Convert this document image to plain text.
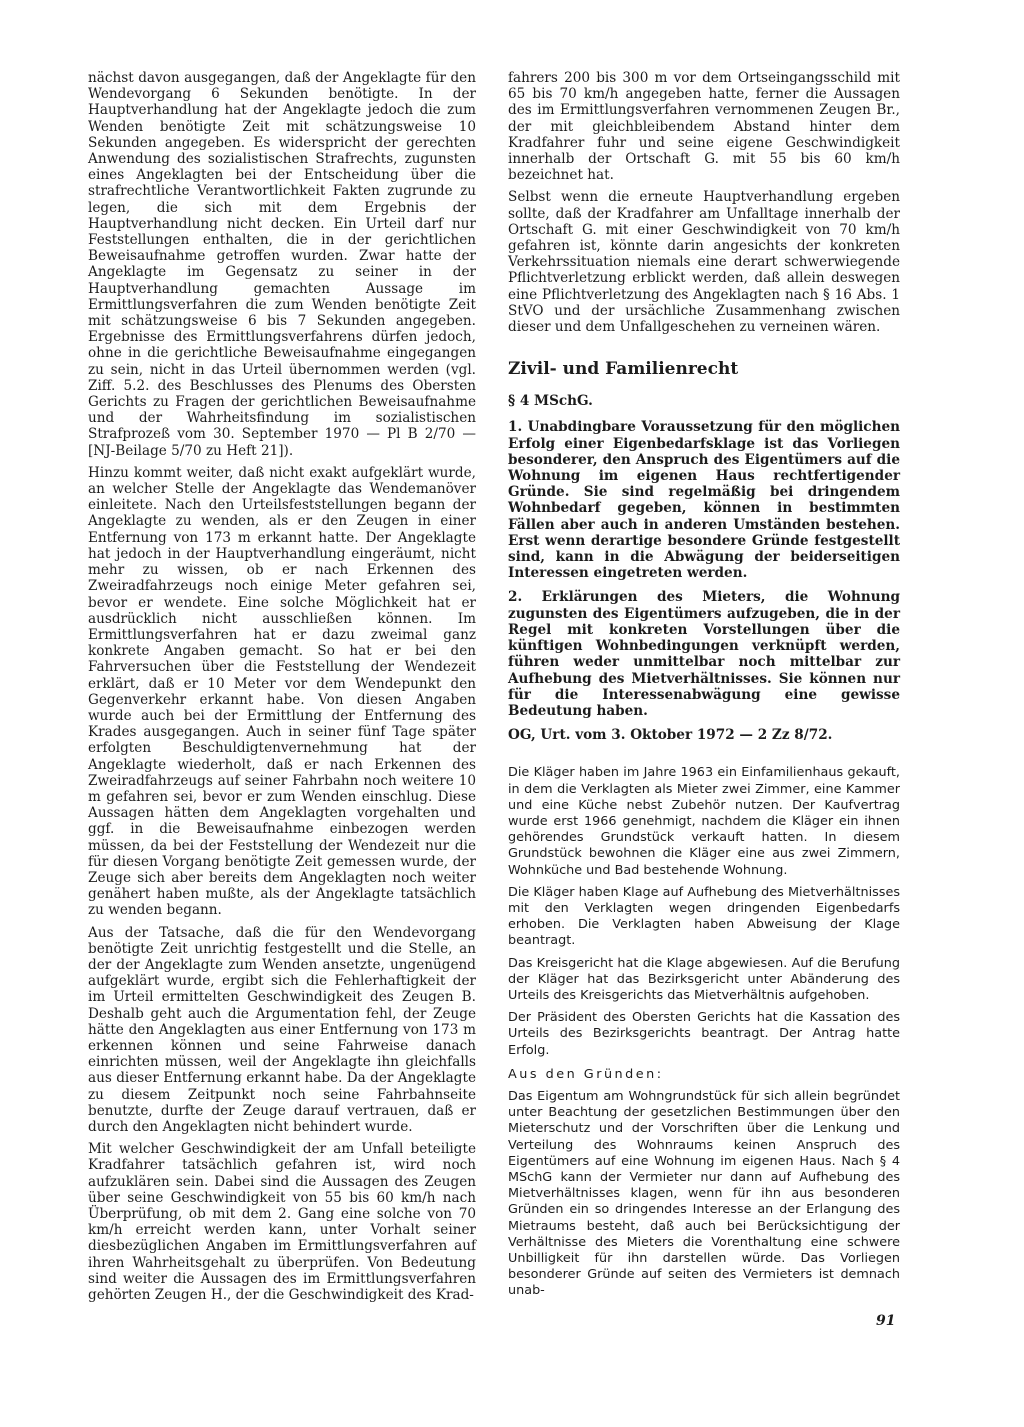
nächst davon ausgegangen, daß der Angeklagte für den Wendevorgang 6 Sekunden benötigte. In der Hauptverhandlung hat der Angeklagte jedoch die zum Wenden benötigte Zeit mit schätzungsweise 10 Sekunden angegeben. Es widerspricht der gerechten Anwendung des sozialistischen Strafrechts, zugunsten eines Angeklagten bei der Entscheidung über die strafrechtliche Verantwortlichkeit Fakten zugrunde zu legen, die sich mit dem Ergebnis der Hauptverhandlung nicht decken. Ein Urteil darf nur Feststellungen enthalten, die in der gerichtlichen Beweisaufnahme getroffen wurden. Zwar hatte der Angeklagte im Gegensatz zu seiner in der Hauptverhandlung gemachten Aussage im Ermittlungsverfahren die zum Wenden benötigte Zeit mit schätzungsweise 6 bis 7 Sekunden angegeben. Ergebnisse des Ermittlungsverfahrens dürfen jedoch, ohne in die gerichtliche Beweisaufnahme eingegangen zu sein, nicht in das Urteil übernommen werden (vgl. Ziff. 5.2. des Beschlusses des Plenums des Obersten Gerichts zu Fragen der gerichtlichen Beweisaufnahme und der Wahrheitsfindung im sozialistischen Strafprozeß vom 30. September 1970 — Pl B 2/70 — [NJ-Beilage 5/70 zu Heft 21]).

Hinzu kommt weiter, daß nicht exakt aufgeklärt wurde, an welcher Stelle der Angeklagte das Wendemanöver einleitete. Nach den Urteilsfeststellungen begann der Angeklagte zu wenden, als er den Zeugen in einer Entfernung von 173 m erkannt hatte. Der Angeklagte hat jedoch in der Hauptverhandlung eingeräumt, nicht mehr zu wissen, ob er nach Erkennen des Zweiradfahrzeugs noch einige Meter gefahren sei, bevor er wendete. Eine solche Möglichkeit hat er ausdrücklich nicht ausschließen können. Im Ermittlungsverfahren hat er dazu zweimal ganz konkrete Angaben gemacht. So hat er bei den Fahrversuchen über die Feststellung der Wendezeit erklärt, daß er 10 Meter vor dem Wendepunkt den Gegenverkehr erkannt habe. Von diesen Angaben wurde auch bei der Ermittlung der Entfernung des Krades ausgegangen. Auch in seiner fünf Tage später erfolgten Beschuldigtenvernehmung hat der Angeklagte wiederholt, daß er nach Erkennen des Zweiradfahrzeugs auf seiner Fahrbahn noch weitere 10 m gefahren sei, bevor er zum Wenden einschlug. Diese Aussagen hätten dem Angeklagten vorgehalten und ggf. in die Beweisaufnahme einbezogen werden müssen, da bei der Feststellung der Wendezeit nur die für diesen Vorgang benötigte Zeit gemessen wurde, der Zeuge sich aber bereits dem Angeklagten noch weiter genähert haben mußte, als der Angeklagte tatsächlich zu wenden begann.

Aus der Tatsache, daß die für den Wendevorgang benötigte Zeit unrichtig festgestellt und die Stelle, an der der Angeklagte zum Wenden ansetzte, ungenügend aufgeklärt wurde, ergibt sich die Fehlerhaftigkeit der im Urteil ermittelten Geschwindigkeit des Zeugen B. Deshalb geht auch die Argumentation fehl, der Zeuge hätte den Angeklagten aus einer Entfernung von 173 m erkennen können und seine Fahrweise danach einrichten müssen, weil der Angeklagte ihn gleichfalls aus dieser Entfernung erkannt habe. Da der Angeklagte zu diesem Zeitpunkt noch seine Fahrbahnseite benutzte, durfte der Zeuge darauf vertrauen, daß er durch den Angeklagten nicht behindert wurde.

Mit welcher Geschwindigkeit der am Unfall beteiligte Kradfahrer tatsächlich gefahren ist, wird noch aufzuklären sein. Dabei sind die Aussagen des Zeugen über seine Geschwindigkeit von 55 bis 60 km/h nach Überprüfung, ob mit dem 2. Gang eine solche von 70 km/h erreicht werden kann, unter Vorhalt seiner diesbezüglichen Angaben im Ermittlungsverfahren auf ihren Wahrheitsgehalt zu überprüfen. Von Bedeutung sind weiter die Aussagen des im Ermittlungsverfahren gehörten Zeugen H., der die Geschwindigkeit des Krad-

fahrers 200 bis 300 m vor dem Ortseingangsschild mit 65 bis 70 km/h angegeben hatte, ferner die Aussagen des im Ermittlungsverfahren vernommenen Zeugen Br., der mit gleichbleibendem Abstand hinter dem Kradfahrer fuhr und seine eigene Geschwindigkeit innerhalb der Ortschaft G. mit 55 bis 60 km/h bezeichnet hat.

Selbst wenn die erneute Hauptverhandlung ergeben sollte, daß der Kradfahrer am Unfalltage innerhalb der Ortschaft G. mit einer Geschwindigkeit von 70 km/h gefahren ist, könnte darin angesichts der konkreten Verkehrssituation niemals eine derart schwerwiegende Pflichtverletzung erblickt werden, daß allein deswegen eine Pflichtverletzung des Angeklagten nach § 16 Abs. 1 StVO und der ursächliche Zusammenhang zwischen dieser und dem Unfallgeschehen zu verneinen wären.

Zivil- und Familienrecht

§ 4 MSchG.

1. Unabdingbare Voraussetzung für den möglichen Erfolg einer Eigenbedarfsklage ist das Vorliegen besonderer, den Anspruch des Eigentümers auf die Wohnung im eigenen Haus rechtfertigender Gründe. Sie sind regelmäßig bei dringendem Wohnbedarf gegeben, können in bestimmten Fällen aber auch in anderen Umständen bestehen. Erst wenn derartige besondere Gründe festgestellt sind, kann in die Abwägung der beiderseitigen Interessen eingetreten werden.

2. Erklärungen des Mieters, die Wohnung zugunsten des Eigentümers aufzugeben, die in der Regel mit konkreten Vorstellungen über die künftigen Wohnbedingungen verknüpft werden, führen weder unmittelbar noch mittelbar zur Aufhebung des Mietverhältnisses. Sie können nur für die Interessenabwägung eine gewisse Bedeutung haben.

OG, Urt. vom 3. Oktober 1972 — 2 Zz 8/72.

Die Kläger haben im Jahre 1963 ein Einfamilienhaus gekauft, in dem die Verklagten als Mieter zwei Zimmer, eine Kammer und eine Küche nebst Zubehör nutzen. Der Kaufvertrag wurde erst 1966 genehmigt, nachdem die Kläger ein ihnen gehörendes Grundstück verkauft hatten. In diesem Grundstück bewohnen die Kläger eine aus zwei Zimmern, Wohnküche und Bad bestehende Wohnung.

Die Kläger haben Klage auf Aufhebung des Mietverhältnisses mit den Verklagten wegen dringenden Eigenbedarfs erhoben. Die Verklagten haben Abweisung der Klage beantragt.

Das Kreisgericht hat die Klage abgewiesen. Auf die Berufung der Kläger hat das Bezirksgericht unter Abänderung des Urteils des Kreisgerichts das Mietverhältnis aufgehoben.

Der Präsident des Obersten Gerichts hat die Kassation des Urteils des Bezirksgerichts beantragt. Der Antrag hatte Erfolg.

Aus den Gründen:

Das Eigentum am Wohngrundstück für sich allein begründet unter Beachtung der gesetzlichen Bestimmungen über den Mieterschutz und der Vorschriften über die Lenkung und Verteilung des Wohnraums keinen Anspruch des Eigentümers auf eine Wohnung im eigenen Haus. Nach § 4 MSchG kann der Vermieter nur dann auf Aufhebung des Mietverhältnisses klagen, wenn für ihn aus besonderen Gründen ein so dringendes Interesse an der Erlangung des Mietraums besteht, daß auch bei Berücksichtigung der Verhältnisse des Mieters die Vorenthaltung eine schwere Unbilligkeit für ihn darstellen würde. Das Vorliegen besonderer Gründe auf seiten des Vermieters ist demnach unab-

91
